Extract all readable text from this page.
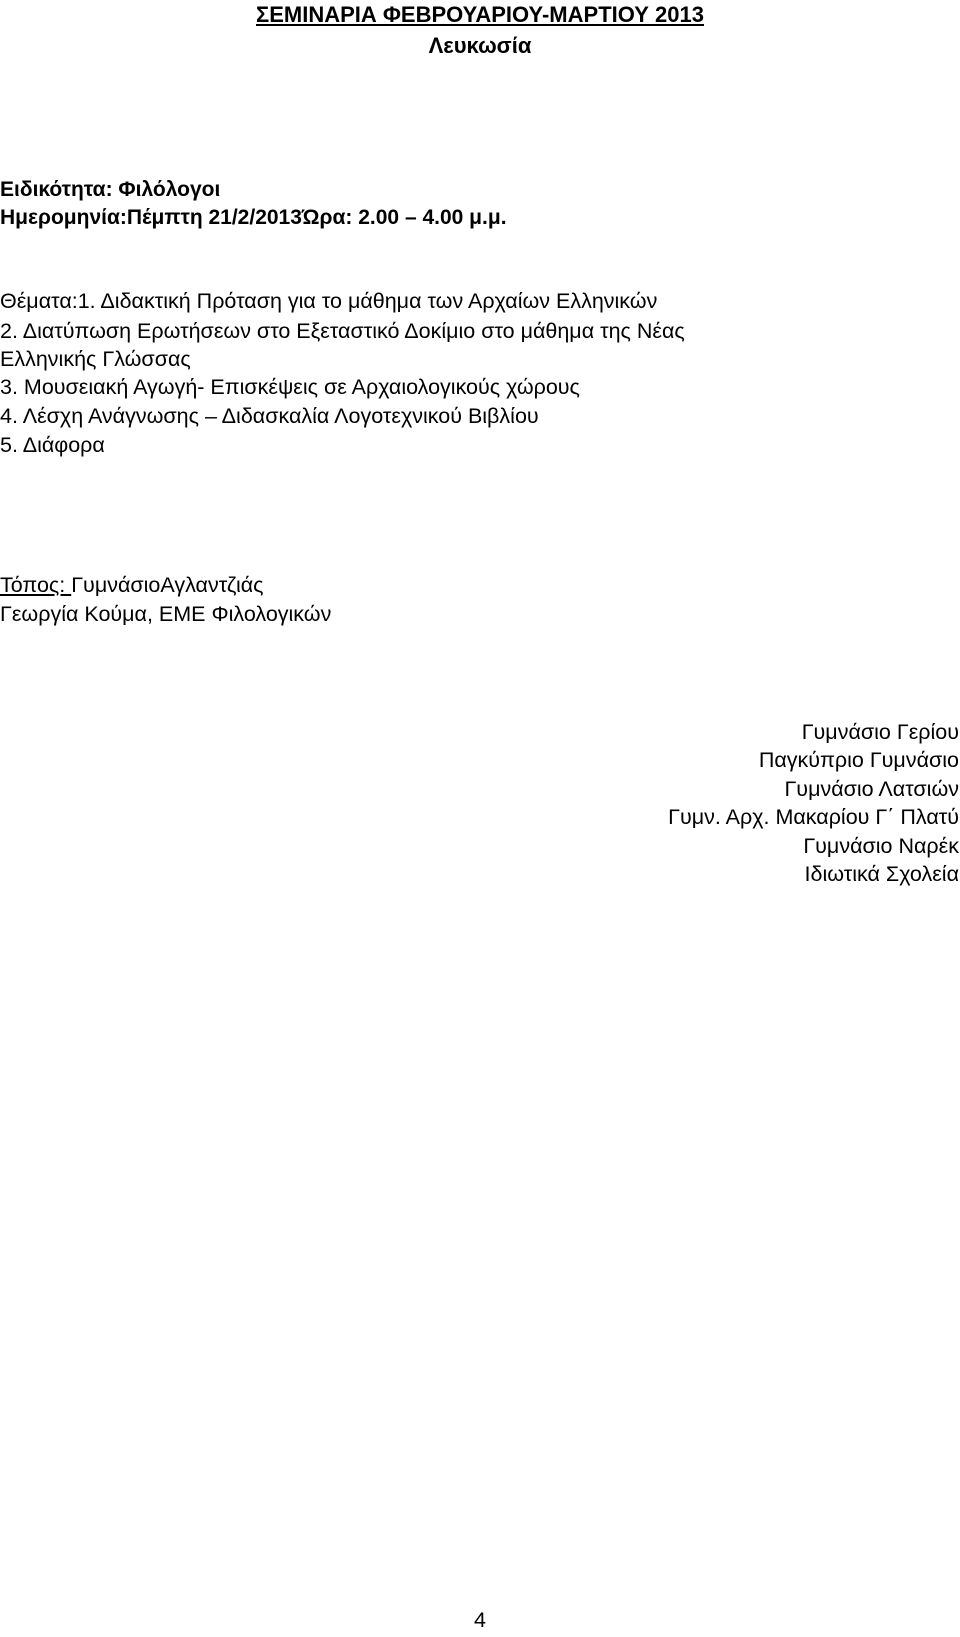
ΣΕΜΙΝΑΡΙΑ ΦΕΒΡΟΥΑΡΙΟΥ-ΜΑΡΤΙΟΥ 2013
Λευκωσία
Ειδικότητα: Φιλόλογοι
Ημερομηνία:Πέμπτη 21/2/2013Ώρα: 2.00 – 4.00 μ.μ.
Θέματα:1. Διδακτική Πρόταση για το μάθημα των Αρχαίων Ελληνικών
2. Διατύπωση Ερωτήσεων στο Εξεταστικό Δοκίμιο στο μάθημα της Νέας
Ελληνικής Γλώσσας
3. Μουσειακή Αγωγή- Επισκέψεις σε Αρχαιολογικούς χώρους
4. Λέσχη Ανάγνωσης – Διδασκαλία Λογοτεχνικού Βιβλίου
5. Διάφορα
Τόπος: ΓυμνάσιοΑγλαντζιάς
Γεωργία Κούμα, ΕΜΕ Φιλολογικών
Γυμνάσιο Γερίου
Παγκύπριο Γυμνάσιο
Γυμνάσιο Λατσιών
Γυμν. Αρχ. Μακαρίου Γ΄ Πλατύ
Γυμνάσιο Ναρέκ
Ιδιωτικά Σχολεία
4
